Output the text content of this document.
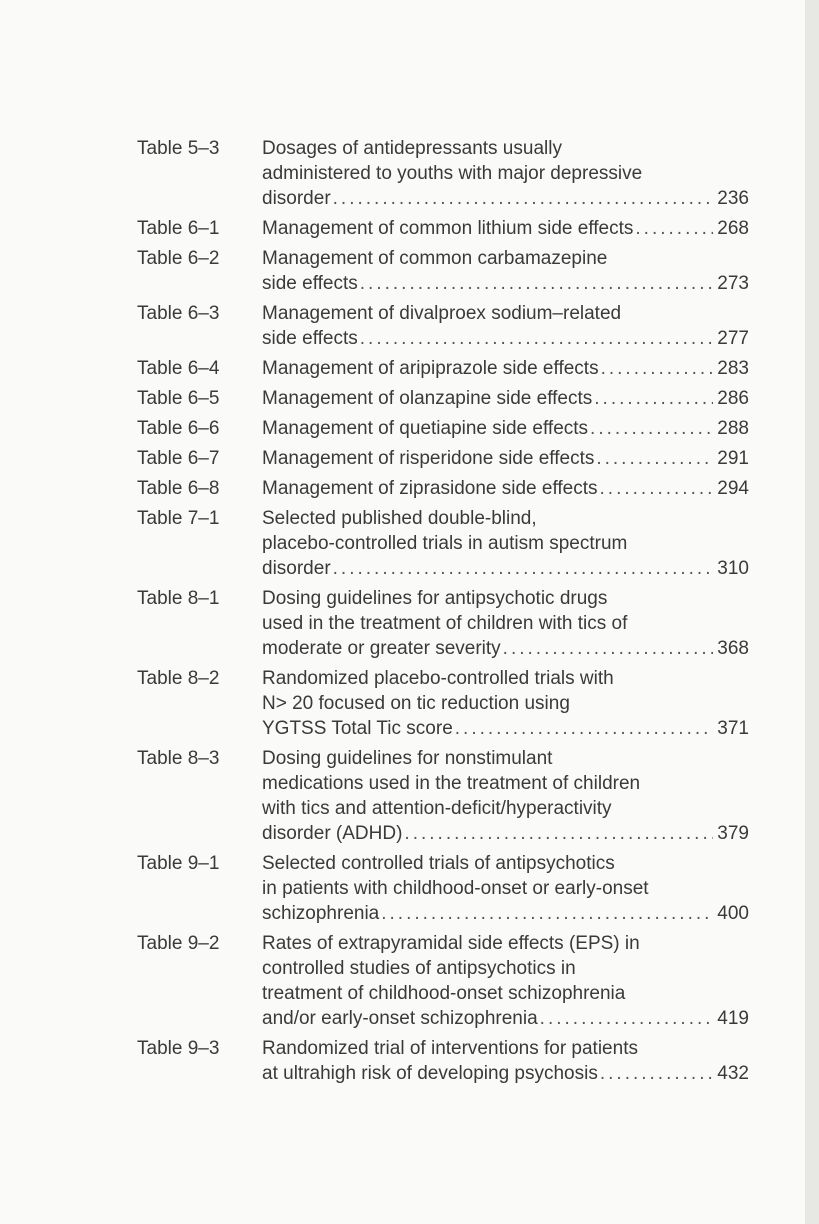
Table 5–3	Dosages of antidepressants usually
administered to youths with major depressive
disorder .....	236
Table 6–1	Management of common lithium side effects .....	268
Table 6–2	Management of common carbamazepine
side effects .....	273
Table 6–3	Management of divalproex sodium–related
side effects .....	277
Table 6–4	Management of aripiprazole side effects .....	283
Table 6–5	Management of olanzapine side effects .....	286
Table 6–6	Management of quetiapine side effects .....	288
Table 6–7	Management of risperidone side effects .....	291
Table 6–8	Management of ziprasidone side effects .....	294
Table 7–1	Selected published double-blind,
placebo-controlled trials in autism spectrum
disorder .....	310
Table 8–1	Dosing guidelines for antipsychotic drugs
used in the treatment of children with tics of
moderate or greater severity .....	368
Table 8–2	Randomized placebo-controlled trials with
N> 20 focused on tic reduction using
YGTSS Total Tic score .....	371
Table 8–3	Dosing guidelines for nonstimulant
medications used in the treatment of children
with tics and attention-deficit/hyperactivity
disorder (ADHD) .....	379
Table 9–1	Selected controlled trials of antipsychotics
in patients with childhood-onset or early-onset
schizophrenia .....	400
Table 9–2	Rates of extrapyramidal side effects (EPS) in
controlled studies of antipsychotics in
treatment of childhood-onset schizophrenia
and/or early-onset schizophrenia .....	419
Table 9–3	Randomized trial of interventions for patients
at ultrahigh risk of developing psychosis .....	432
